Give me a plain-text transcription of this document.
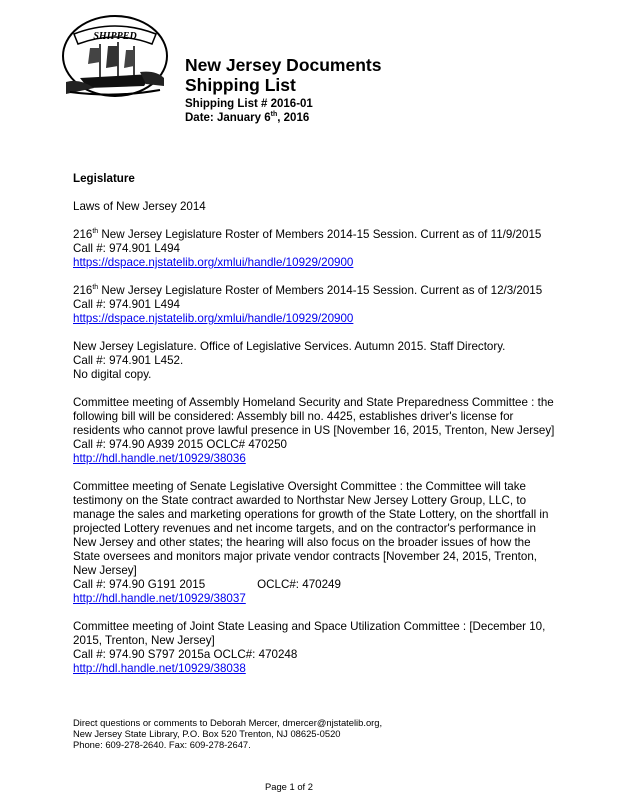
SHIPPED
New Jersey Documents
Shipping List
Shipping List # 2016-01
Date: January 6th, 2016

Legislature

Laws of New Jersey 2014

216th New Jersey Legislature Roster of Members 2014-15 Session. Current as of 11/9/2015
Call #: 974.901 L494
https://dspace.njstatelib.org/xmlui/handle/10929/20900

216th New Jersey Legislature Roster of Members 2014-15 Session. Current as of 12/3/2015
Call #: 974.901 L494
https://dspace.njstatelib.org/xmlui/handle/10929/20900

New Jersey Legislature. Office of Legislative Services. Autumn 2015. Staff Directory.
Call #: 974.901 L452.
No digital copy.

Committee meeting of Assembly Homeland Security and State Preparedness Committee : the
following bill will be considered: Assembly bill no. 4425, establishes driver's license for
residents who cannot prove lawful presence in US [November 16, 2015, Trenton, New Jersey]
Call #: 974.90 A939 2015 OCLC# 470250
http://hdl.handle.net/10929/38036

Committee meeting of Senate Legislative Oversight Committee : the Committee will take
testimony on the State contract awarded to Northstar New Jersey Lottery Group, LLC, to
manage the sales and marketing operations for growth of the State Lottery, on the shortfall in
projected Lottery revenues and net income targets, and on the contractor's performance in
New Jersey and other states; the hearing will also focus on the broader issues of how the
State oversees and monitors major private vendor contracts [November 24, 2015, Trenton,
New Jersey]
Call #: 974.90 G191 2015	OCLC#: 470249
http://hdl.handle.net/10929/38037

Committee meeting of Joint State Leasing and Space Utilization Committee : [December 10,
2015, Trenton, New Jersey]
Call #: 974.90 S797 2015a OCLC#: 470248
http://hdl.handle.net/10929/38038

Direct questions or comments to Deborah Mercer, dmercer@njstatelib.org,
New Jersey State Library, P.O. Box 520 Trenton, NJ 08625-0520
Phone: 609-278-2640. Fax: 609-278-2647.
Page 1 of 2
